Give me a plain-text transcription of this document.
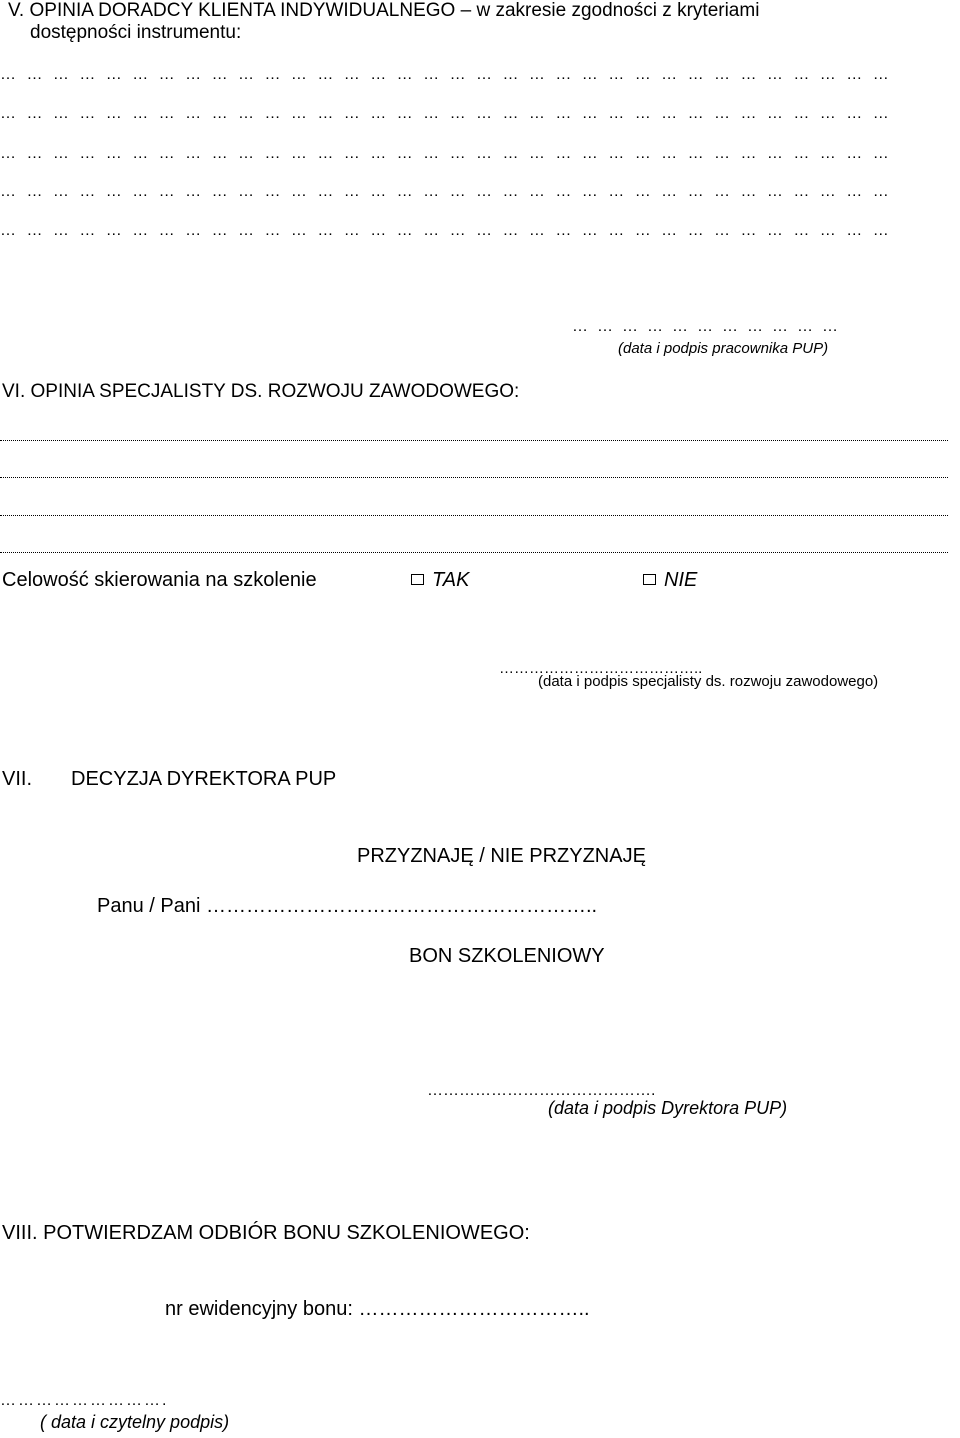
V. OPINIA DORADCY KLIENTA INDYWIDUALNEGO – w zakresie zgodności z kryteriami
dostępności instrumentu:
… … … … … … … … … … … … … … … … … … … … … … … … … … … … … … … … … …
… … … … … … … … … … … … … … … … … … … … … … … … … … … … … … … … … …
… … … … … … … … … … … … … … … … … … … … … … … … … … … … … … … … … …
… … … … … … … … … … … … … … … … … … … … … … … … … … … … … … … … … …
… … … … … … … … … … … … … … … … … … … … … … … … … … … … … … … … … …
……………………………
(data i podpis pracownika PUP)
VI. OPINIA SPECJALISTY DS. ROZWOJU ZAWODOWEGO:
Celowość skierowania na szkolenie	TAK	NIE
…………………………………..
(data i podpis specjalisty ds. rozwoju zawodowego)
VII. DECYZJA DYREKTORA PUP
PRZYZNAJĘ / NIE PRZYZNAJĘ
Panu / Pani …………………………………………………..
BON SZKOLENIOWY
…………………………………….
(data i podpis Dyrektora PUP)
VIII. POTWIERDZAM ODBIÓR BONU SZKOLENIOWEGO:
nr ewidencyjny bonu: ……………………………..
……………………….
( data i czytelny podpis)
